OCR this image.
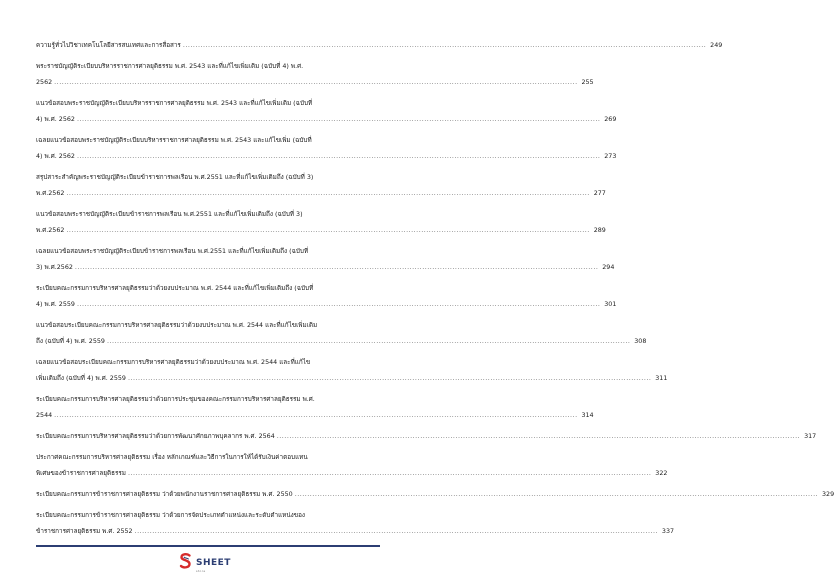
ความรู้ทั่วไปวิชาเทคโนโลยีสารสนเทศและการสื่อสาร .....	249
พระราชบัญญัติระเบียบบริหารราชการศาลยุติธรรม พ.ศ. 2543 และที่แก้ไขเพิ่มเติม (ฉบับที่ 4) พ.ศ.
2562 .....	255
แนวข้อสอบพระราชบัญญัติระเบียบบริหารราชการศาลยุติธรรม พ.ศ. 2543 และที่แก้ไขเพิ่มเติม (ฉบับที่
4) พ.ศ. 2562 .....	269
เฉลยแนวข้อสอบพระราชบัญญัติระเบียบบริหารราชการศาลยุติธรรม พ.ศ. 2543 และแก้ไขเพิ่ม (ฉบับที่
4) พ.ศ. 2562 .....	273
สรุปสาระสำคัญพระราชบัญญัติระเบียบข้าราชการพลเรือน พ.ศ.2551 และที่แก้ไขเพิ่มเติมถึง (ฉบับที่ 3)
พ.ศ.2562 .....	277
แนวข้อสอบพระราชบัญญัติระเบียบข้าราชการพลเรือน พ.ศ.2551 และที่แก้ไขเพิ่มเติมถึง (ฉบับที่ 3)
พ.ศ.2562 .....	289
เฉลยแนวข้อสอบพระราชบัญญัติระเบียบข้าราชการพลเรือน พ.ศ.2551 และที่แก้ไขเพิ่มเติมถึง (ฉบับที่
3) พ.ศ.2562 .....	294
ระเบียบคณะกรรมการบริหารศาลยุติธรรมว่าด้วยงบประมาณ พ.ศ. 2544 และที่แก้ไขเพิ่มเติมถึง (ฉบับที่
4) พ.ศ. 2559 .....	301
แนวข้อสอบระเบียบคณะกรรมการบริหารศาลยุติธรรมว่าด้วยงบประมาณ พ.ศ. 2544 และที่แก้ไขเพิ่มเติม
ถึง (ฉบับที่ 4) พ.ศ. 2559 .....	308
เฉลยแนวข้อสอบระเบียบคณะกรรมการบริหารศาลยุติธรรมว่าด้วยงบประมาณ พ.ศ. 2544 และที่แก้ไข
เพิ่มเติมถึง (ฉบับที่ 4) พ.ศ. 2559 .....	311
ระเบียบคณะกรรมการบริหารศาลยุติธรรมว่าด้วยการประชุมของคณะกรรมการบริหารศาลยุติธรรม พ.ศ.
2544 .....	314
ระเบียบคณะกรรมการบริหารศาลยุติธรรมว่าด้วยการพัฒนาศักยภาพบุคลากร พ.ศ. 2564 .....	317
ประกาศคณะกรรมการบริหารศาลยุติธรรม เรื่อง หลักเกณฑ์และวิธีการในการให้ได้รับเงินค่าตอบแทน
พิเศษของข้าราชการศาลยุติธรรม .....	322
ระเบียบคณะกรรมการข้าราชการศาลยุติธรรม ว่าด้วยพนักงานราชการศาลยุติธรรม พ.ศ. 2550 .....	329
ระเบียบคณะกรรมการข้าราชการศาลยุติธรรม ว่าด้วยการจัดประเภทตำแหน่งและระดับตำแหน่งของ
ข้าราชการศาลยุติธรรม พ.ศ. 2552 .....	337
SHEET
store
